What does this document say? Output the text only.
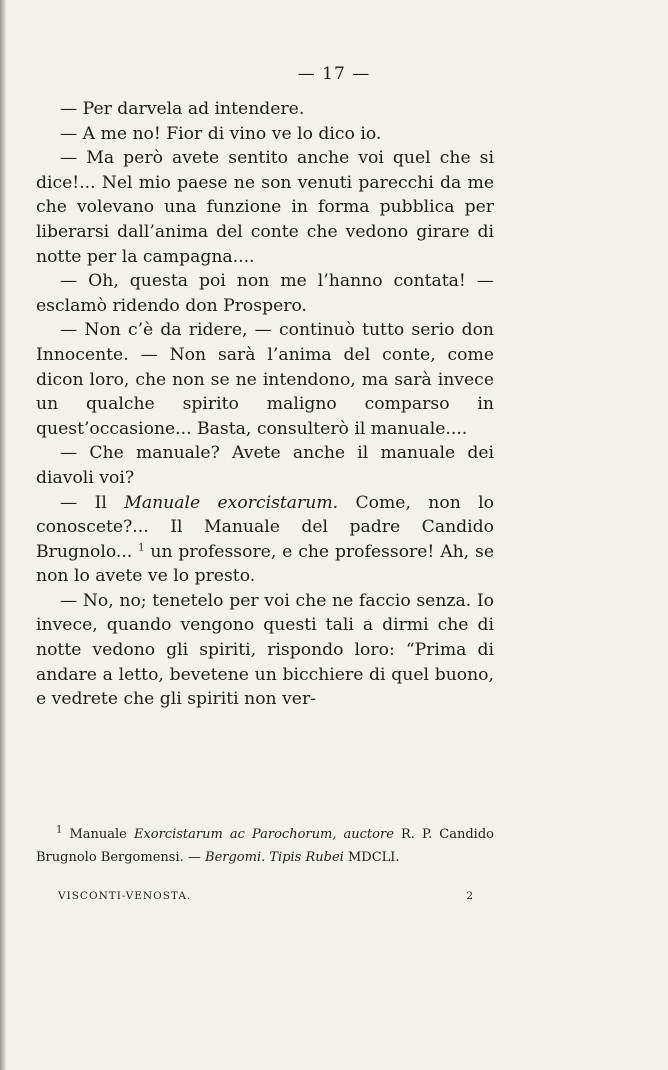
— 17 —

— Per darvela ad intendere.

— A me no! Fior di vino ve lo dico io.

— Ma però avete sentito anche voi quel che si dice!... Nel mio paese ne son venuti parecchi da me che volevano una funzione in forma pubblica per liberarsi dall’anima del conte che vedono girare di notte per la campagna....

— Oh, questa poi non me l’hanno contata! — esclamò ridendo don Prospero.

— Non c’è da ridere, — continuò tutto serio don Innocente. — Non sarà l’anima del conte, come dicon loro, che non se ne intendono, ma sarà invece un qualche spirito maligno comparso in quest’occasione... Basta, consulterò il manuale....

— Che manuale? Avete anche il manuale dei diavoli voi?

— Il Manuale exorcistarum. Come, non lo conoscete?... Il Manuale del padre Candido Brugnolo... $^1$ un professore, e che professore! Ah, se non lo avete ve lo presto.

— No, no; tenetelo per voi che ne faccio senza. Io invece, quando vengono questi tali a dirmi che di notte vedono gli spiriti, rispondo loro: “Prima di andare a letto, bevetene un bicchiere di quel buono, e vedrete che gli spiriti non ver-

$^1$ Manuale Exorcistarum ac Parochorum, auctore R. P. Candido Brugnolo Bergomensi. — Bergomi. Tipis Rubei MDCLI.

VISCONTI-VENOSTA.	2
